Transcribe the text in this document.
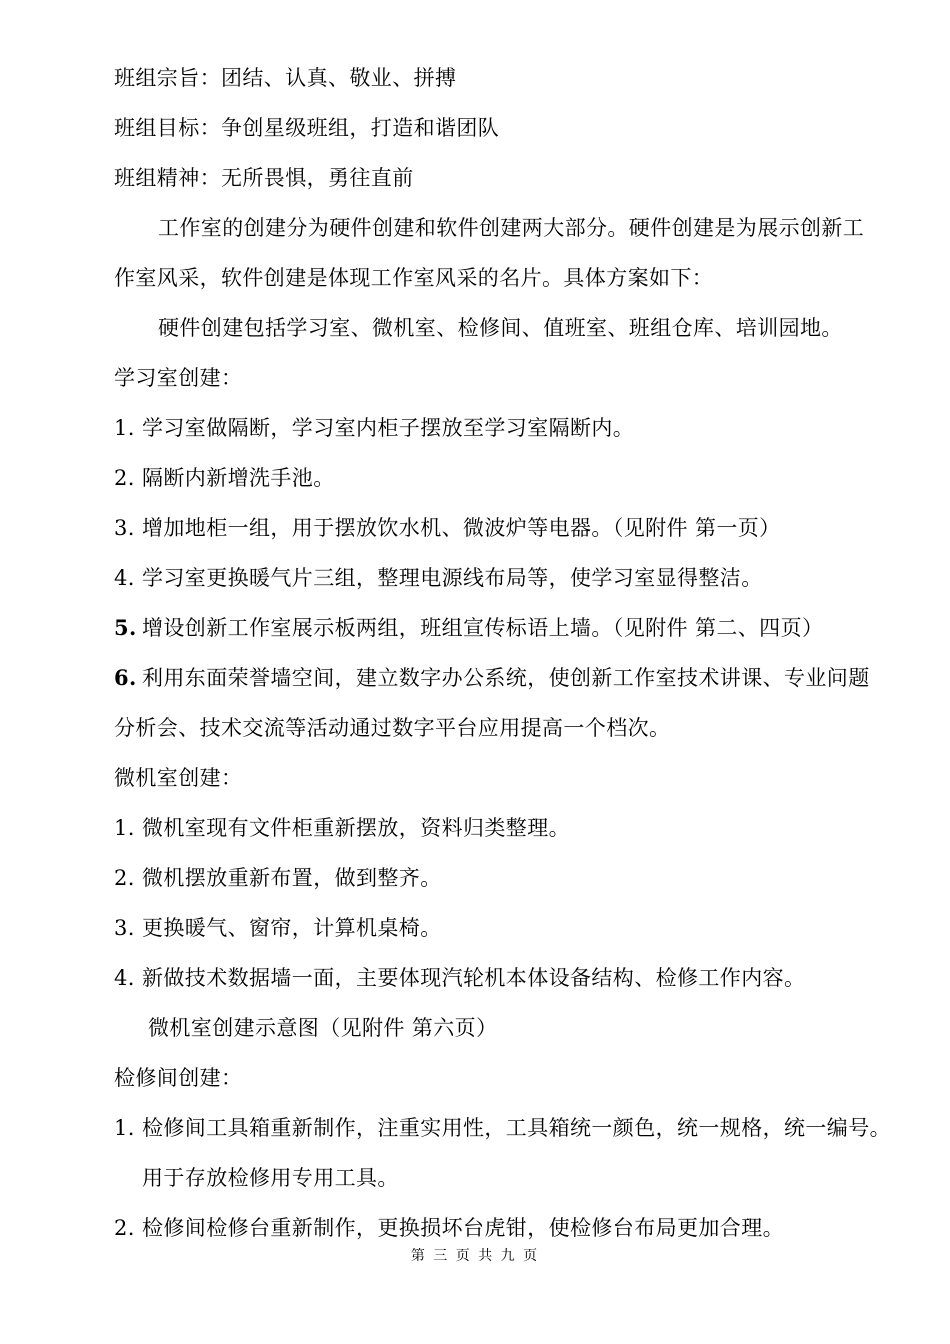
班组宗旨：团结、认真、敬业、拼搏
班组目标：争创星级班组，打造和谐团队
班组精神：无所畏惧，勇往直前
工作室的创建分为硬件创建和软件创建两大部分。硬件创建是为展示创新工
作室风采，软件创建是体现工作室风采的名片。具体方案如下：
硬件创建包括学习室、微机室、检修间、值班室、班组仓库、培训园地。
学习室创建：
1. 学习室做隔断，学习室内柜子摆放至学习室隔断内。
2. 隔断内新增洗手池。
3. 增加地柜一组，用于摆放饮水机、微波炉等电器。（见附件 第一页）
4. 学习室更换暖气片三组，整理电源线布局等，使学习室显得整洁。
5. 增设创新工作室展示板两组，班组宣传标语上墙。（见附件 第二、四页）
6. 利用东面荣誉墙空间，建立数字办公系统，使创新工作室技术讲课、专业问题
分析会、技术交流等活动通过数字平台应用提高一个档次。
微机室创建：
1. 微机室现有文件柜重新摆放，资料归类整理。
2. 微机摆放重新布置，做到整齐。
3. 更换暖气、窗帘，计算机桌椅。
4. 新做技术数据墙一面，主要体现汽轮机本体设备结构、检修工作内容。
微机室创建示意图（见附件 第六页）
检修间创建：
1. 检修间工具箱重新制作，注重实用性，工具箱统一颜色，统一规格，统一编号。
用于存放检修用专用工具。
2. 检修间检修台重新制作，更换损坏台虎钳，使检修台布局更加合理。
第 三 页 共 九 页
